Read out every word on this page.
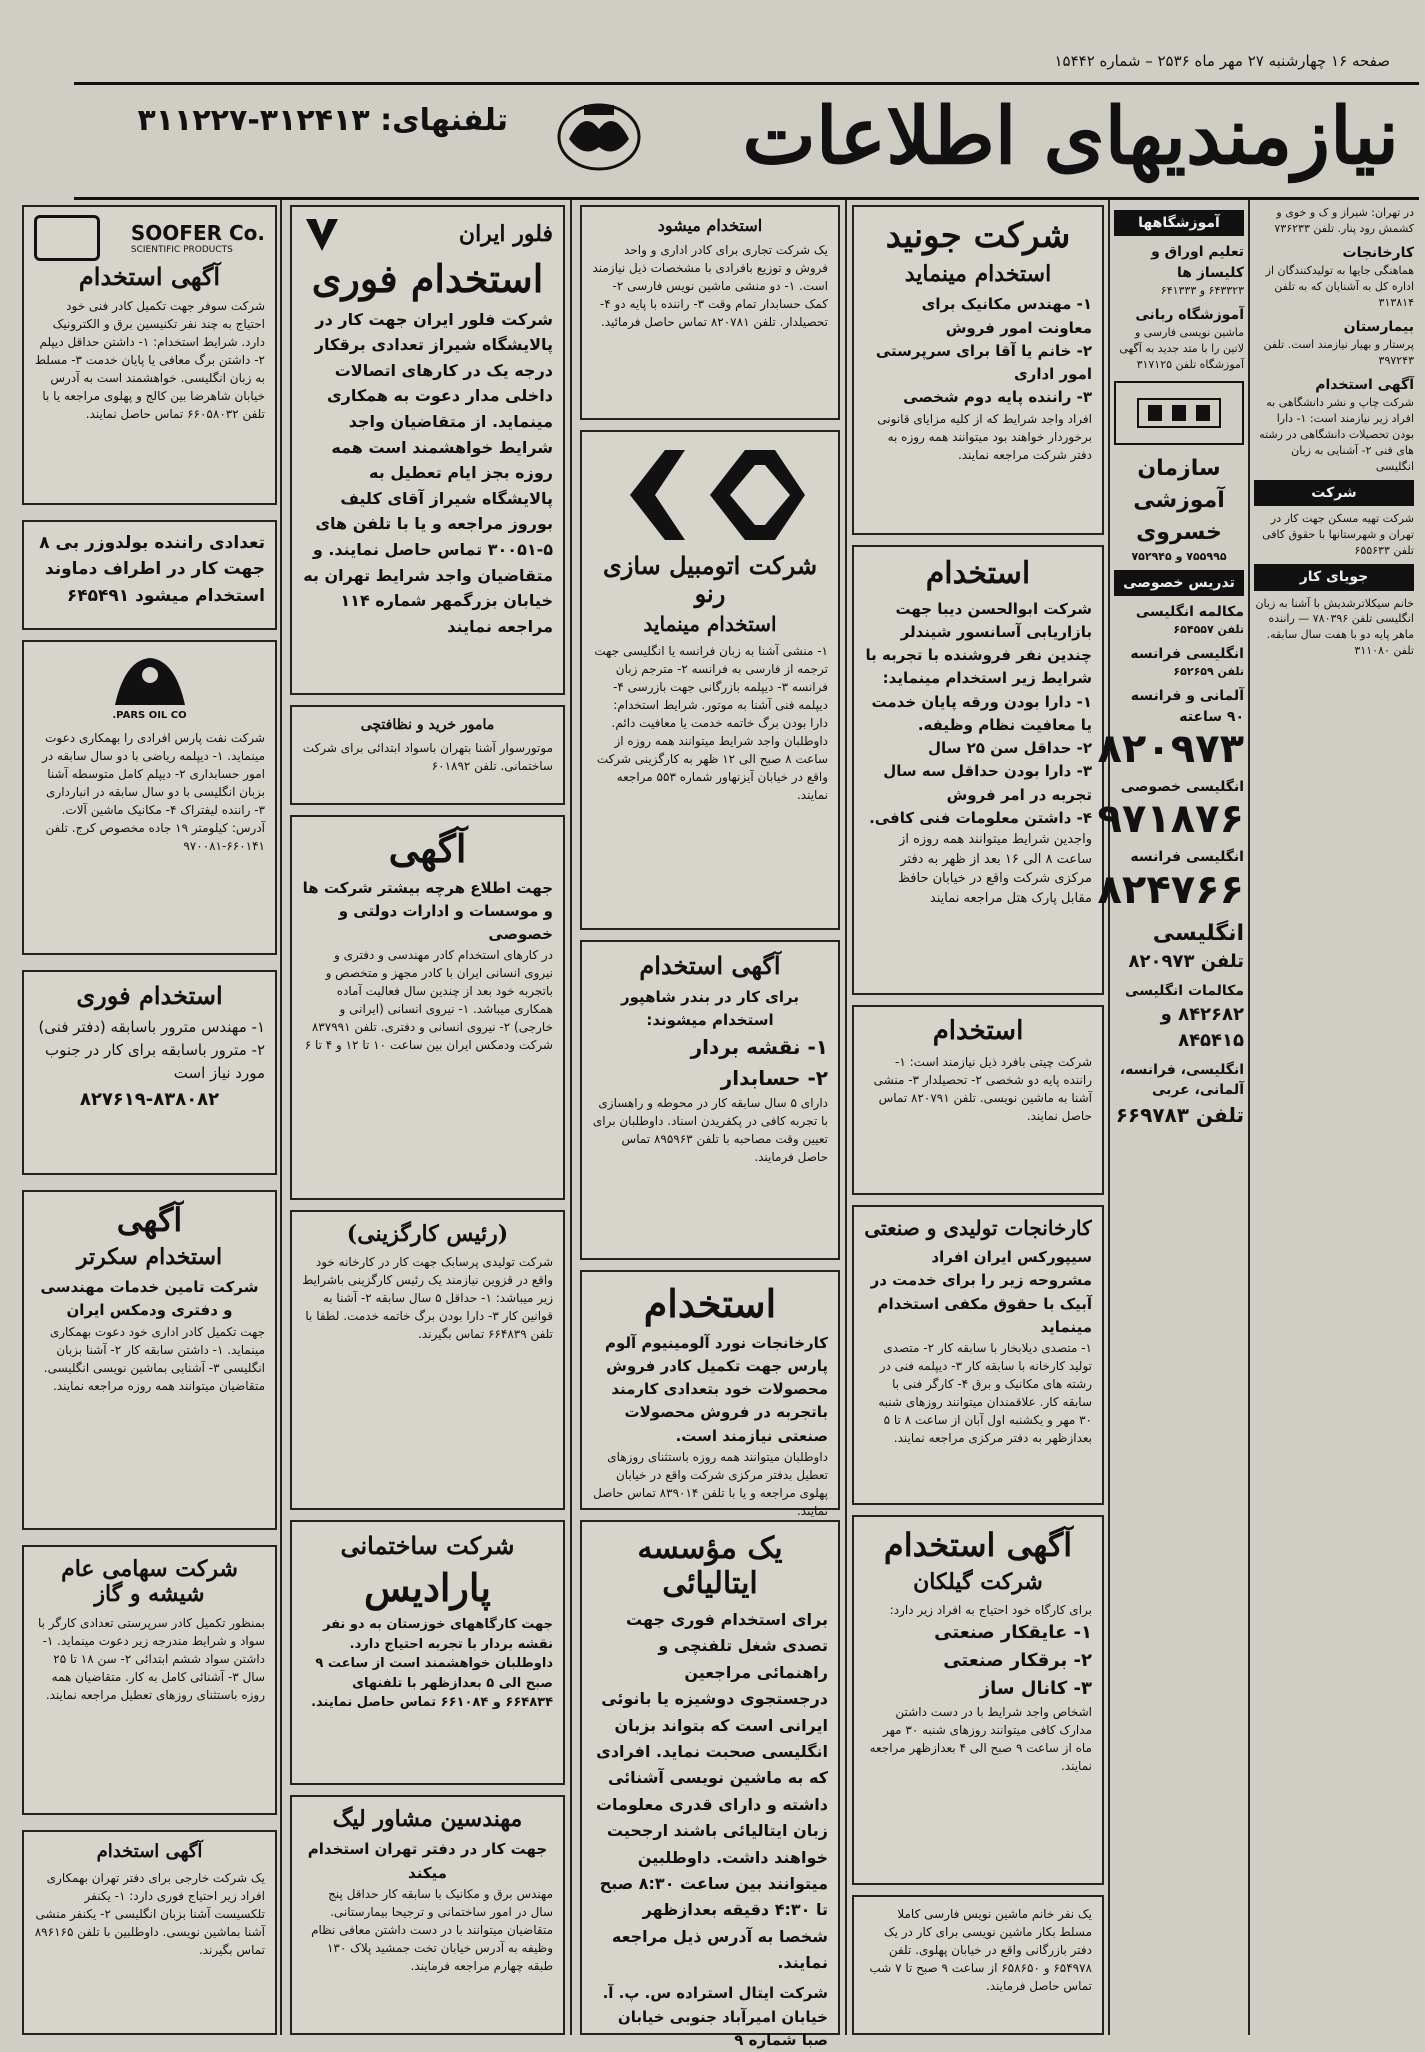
صفحه ۱۶ چهارشنبه ۲۷ مهر ماه ۲۵۳۶ – شماره ۱۵۴۴۲
نیازمندیهای اطلاعات
تلفنهای: ۳۱۲۴۱۳-۳۱۱۲۲۷
SOOFER Co.
SCIENTIFIC PRODUCTS
آگهی استخدام
شرکت سوفر جهت تکمیل کادر فنی خود احتیاج به چند نفر تکنیسین برق و الکترونیک دارد. شرایط استخدام: ۱- داشتن حداقل دیپلم ۲- داشتن برگ معافی یا پایان خدمت ۳- مسلط به زبان انگلیسی. خواهشمند است به آدرس خیابان شاهرضا بین کالج و پهلوی مراجعه یا با تلفن ۶۶۰۵۸۰۳۲ تماس حاصل نمایند.
تعدادی راننده بولدوزر بی ۸ جهت کار در اطراف دماوند استخدام میشود ۶۴۵۴۹۱
PARS OIL CO.
شرکت نفت پارس افرادی را بهمکاری دعوت مینماید. ۱- دیپلمه ریاضی با دو سال سابقه در امور حسابداری ۲- دیپلم کامل متوسطه آشنا بزبان انگلیسی با دو سال سابقه در انبارداری ۳- راننده لیفتراک ۴- مکانیک ماشین آلات. آدرس: کیلومتر ۱۹ جاده مخصوص کرج. تلفن ۶۶۰۱۴۱-۹۷۰۰۸۱
استخدام فوری
۱- مهندس مترور باسابقه (دفتر فنی) ۲- مترور باسابقه برای کار در جنوب مورد نیاز است
۸۲۷۶۱۹-۸۳۸۰۸۲
آگهی
استخدام سکرتر
شرکت تامین خدمات مهندسی و دفتری ودمکس ایران
جهت تکمیل کادر اداری خود دعوت بهمکاری مینماید. ۱- داشتن سابقه کار ۲- آشنا بزبان انگلیسی ۳- آشنایی بماشین نویسی انگلیسی. متقاضیان میتوانند همه روزه مراجعه نمایند.
شرکت سهامی عام شیشه و گاز
بمنظور تکمیل کادر سرپرستی تعدادی کارگر با سواد و شرایط مندرجه زیر دعوت مینماید. ۱- داشتن سواد ششم ابتدائی ۲- سن ۱۸ تا ۲۵ سال ۳- آشنائی کامل به کار. متقاضیان همه روزه باستثنای روزهای تعطیل مراجعه نمایند.
آگهی استخدام
یک شرکت خارجی برای دفتر تهران بهمکاری افراد زیر احتیاج فوری دارد: ۱- یکنفر تلکسیست آشنا بزبان انگلیسی ۲- یکنفر منشی آشنا بماشین نویسی. داوطلبین با تلفن ۸۹۶۱۶۵ تماس بگیرند.
فلور ایران
استخدام فوری
شرکت فلور ایران جهت کار در پالایشگاه شیراز تعدادی برقکار درجه یک در کارهای اتصالات داخلی مدار دعوت به همکاری مینماید. از متقاضیان واجد شرایط خواهشمند است همه روزه بجز ایام تعطیل به پالایشگاه شیراز آقای کلیف بوروز مراجعه و یا با تلفن های ۵-۳۰۰۵۱ تماس حاصل نمایند. و متقاضیان واجد شرایط تهران به خیابان بزرگمهر شماره ۱۱۴ مراجعه نمایند
مامور خرید و نظافتچی
موتورسوار آشنا بتهران باسواد ابتدائی برای شرکت ساختمانی. تلفن ۶۰۱۸۹۲
آگهی
جهت اطلاع هرچه بیشتر شرکت ها و موسسات و ادارات دولتی و خصوصی
در کارهای استخدام کادر مهندسی و دفتری و نیروی انسانی ایران با کادر مجهز و متخصص و باتجربه خود بعد از چندین سال فعالیت آماده همکاری میباشد. ۱- نیروی انسانی (ایرانی و خارجی) ۲- نیروی انسانی و دفتری. تلفن ۸۳۷۹۹۱ شرکت ودمکس ایران بین ساعت ۱۰ تا ۱۲ و ۴ تا ۶
(رئیس کارگزینی)
شرکت تولیدی پرسابک جهت کار در کارخانه خود واقع در قزوین نیازمند یک رئیس کارگزینی باشرایط زیر میباشد: ۱- حداقل ۵ سال سابقه ۲- آشنا به قوانین کار ۳- دارا بودن برگ خاتمه خدمت. لطفا با تلفن ۶۶۴۸۳۹ تماس بگیرند.
شرکت ساختمانی
پارادیس
جهت کارگاههای خوزستان به دو نفر نقشه بردار با تجربه احتیاج دارد. داوطلبان خواهشمند است از ساعت ۹ صبح الی ۵ بعدازظهر با تلفنهای ۶۶۴۸۳۴ و ۶۶۱۰۸۴ تماس حاصل نمایند.
مهندسین مشاور لیگ
جهت کار در دفتر تهران استخدام میکند
مهندس برق و مکانیک با سابقه کار حداقل پنج سال در امور ساختمانی و ترجیحا بیمارستانی. متقاضیان میتوانند با در دست داشتن معافی نظام وظیفه به آدرس خیابان تخت جمشید پلاک ۱۳۰ طبقه چهارم مراجعه فرمایند.
استخدام میشود
یک شرکت تجاری برای کادر اداری و واحد فروش و توزیع بافرادی با مشخصات ذیل نیازمند است. ۱- دو منشی ماشین نویس فارسی ۲- کمک حسابدار تمام وقت ۳- راننده با پایه دو ۴- تحصیلدار. تلفن ۸۲۰۷۸۱ تماس حاصل فرمائید.
شرکت اتومبیل سازی رنو
استخدام مینماید
۱- منشی آشنا به زبان فرانسه یا انگلیسی جهت ترجمه از فارسی به فرانسه ۲- مترجم زبان فرانسه ۳- دیپلمه بازرگانی جهت بازرسی ۴- دیپلمه فنی آشنا به موتور. شرایط استخدام: دارا بودن برگ خاتمه خدمت یا معافیت دائم. داوطلبان واجد شرایط میتوانند همه روزه از ساعت ۸ صبح الی ۱۲ ظهر به کارگزینی شرکت واقع در خیابان آیزنهاور شماره ۵۵۳ مراجعه نمایند.
آگهی استخدام
برای کار در بندر شاهپور استخدام میشوند:
۱- نقشه بردار
۲- حسابدار
دارای ۵ سال سابقه کار در محوطه و راهسازی با تجربه کافی در پکفریدن اسناد. داوطلبان برای تعیین وقت مصاحبه با تلفن ۸۹۵۹۶۳ تماس حاصل فرمایند.
استخدام
کارخانجات نورد آلومینیوم آلوم پارس جهت تکمیل کادر فروش محصولات خود بتعدادی کارمند باتجربه در فروش محصولات صنعتی نیازمند است.
داوطلبان میتوانند همه روزه باستثنای روزهای تعطیل بدفتر مرکزی شرکت واقع در خیابان پهلوی مراجعه و یا با تلفن ۸۳۹۰۱۴ تماس حاصل نمایند.
یک مؤسسه ایتالیائی
برای استخدام فوری جهت تصدی شغل تلفنچی و راهنمائی مراجعین درجستجوی دوشیزه یا بانوئی ایرانی است که بتواند بزبان انگلیسی صحبت نماید. افرادی که به ماشین نویسی آشنائی داشته و دارای قدری معلومات زبان ایتالیائی باشند ارجحیت خواهند داشت. داوطلبین میتوانند بین ساعت ۸:۳۰ صبح تا ۴:۳۰ دقیقه بعدازظهر شخصا به آدرس ذیل مراجعه نمایند.
شرکت ایتال استراده س. پ. آ. خیابان امیرآباد جنوبی خیابان صبا شماره ۹
شرکت جونید
استخدام مینماید
۱- مهندس مکانیک برای معاونت امور فروش
۲- خانم یا آقا برای سرپرستی امور اداری
۳- راننده پایه دوم شخصی
افراد واجد شرایط که از کلیه مزایای قانونی برخوردار خواهند بود میتوانند همه روزه به دفتر شرکت مراجعه نمایند.
استخدام
شرکت ابوالحسن دیبا جهت بازاریابی آسانسور شیندلر چندین نفر فروشنده با تجربه با شرایط زیر استخدام مینماید:
۱- دارا بودن ورقه پایان خدمت یا معافیت نظام وظیفه.
۲- حداقل سن ۲۵ سال
۳- دارا بودن حداقل سه سال تجربه در امر فروش
۴- داشتن معلومات فنی کافی.
واجدین شرایط میتوانند همه روزه از ساعت ۸ الی ۱۶ بعد از ظهر به دفتر مرکزی شرکت واقع در خیابان حافظ مقابل پارک هتل مراجعه نمایند
استخدام
شرکت چیتی بافرد ذیل نیازمند است: ۱- راننده پایه دو شخصی ۲- تحصیلدار ۳- منشی آشنا به ماشین نویسی. تلفن ۸۲۰۷۹۱ تماس حاصل نمایند.
کارخانجات تولیدی و صنعتی
سیپورکس ایران افراد مشروحه زیر را برای خدمت در آبیک با حقوق مکفی استخدام مینماید
۱- متصدی دیلابخار با سابقه کار ۲- متصدی تولید کارخانه با سابقه کار ۳- دیپلمه فنی در رشته های مکانیک و برق ۴- کارگر فنی با سابقه کار. علاقمندان میتوانند روزهای شنبه ۳۰ مهر و یکشنبه اول آبان از ساعت ۸ تا ۵ بعدازظهر به دفتر مرکزی مراجعه نمایند.
آگهی استخدام
شرکت گیلکان
برای کارگاه خود احتیاج به افراد زیر دارد:
۱- عایقکار صنعتی
۲- برقکار صنعتی
۳- کانال ساز
اشخاص واجد شرایط با در دست داشتن مدارک کافی میتوانند روزهای شنبه ۳۰ مهر ماه از ساعت ۹ صبح الی ۴ بعدازظهر مراجعه نمایند.
یک نفر خانم ماشین نویس فارسی کاملا مسلط بکار ماشین نویسی برای کار در یک دفتر بازرگانی واقع در خیابان پهلوی. تلفن ۶۵۴۹۷۸ و ۶۵۸۶۵۰ از ساعت ۹ صبح تا ۷ شب تماس حاصل فرمایند.
آموزشگاهها
تعلیم اوراق و کلیساز ها
۶۴۳۳۲۳ و ۶۴۱۳۳۳
آموزشگاه ربانی
ماشین نویسی فارسی و لاتین را با متد جدید به آگهی آموزشگاه تلفن ۳۱۷۱۲۵
سازمان آموزشی خسروی
۷۵۵۹۹۵ و ۷۵۲۹۴۵
تدریس خصوصی
مکالمه انگلیسی
تلفن ۶۵۴۵۵۷
انگلیسی فرانسه
تلفن ۶۵۲۶۵۹
آلمانی و فرانسه ۹۰ ساعته
۸۲۰۹۷۳
انگلیسی خصوصی
۹۷۱۸۷۶
انگلیسی فرانسه
۸۲۴۷۶۶
انگلیسی
تلفن ۸۲۰۹۷۳
مکالمات انگلیسی
۸۴۲۶۸۲ و ۸۴۵۴۱۵
انگلیسی، فرانسه، آلمانی، عربی
تلفن ۶۶۹۷۸۳
در تهران: شیراز و ک و خوی و کشمش رود پنار. تلفن ۷۳۶۲۳۳
کارخانجات
هماهنگی جایها به تولیدکنندگان از اداره کل به آشنایان که به تلفن ۳۱۳۸۱۴
بیمارستان
پرستار و بهیار نیازمند است. تلفن ۳۹۷۲۴۳
آگهی استخدام
شرکت چاپ و نشر دانشگاهی به افراد زیر نیازمند است: ۱- دارا بودن تحصیلات دانشگاهی در رشته های فنی ۲- آشنایی به زبان انگلیسی
شرکت
شرکت تهیه مسکن جهت کار در تهران و شهرستانها با حقوق کافی تلفن ۶۵۵۶۳۳
جویای کار
خانم سیکلاترشدیش با آشنا به زبان انگلیسی تلفن ۷۸۰۳۹۶ — راننده ماهر پایه دو با هفت سال سابقه. تلفن ۳۱۱۰۸۰
